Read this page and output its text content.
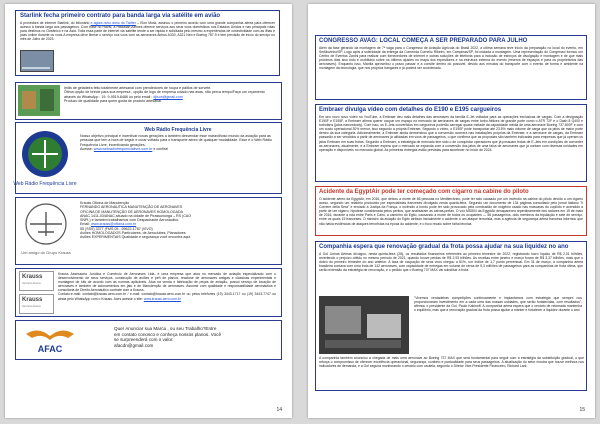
Starlink fecha primeiro contrato para banda larga via satélite em avião

A provedora de internet Starlink, do bilionário e agora novo dono do Twitter – Elon Musk, assinou o primeiro acordo com uma grande companhia aérea para oferecer acesso à banda larga aos passageiros. Com base no Havaí, a Hawaiian Airlines oferece serviços aos seus voos domésticos nos Estados Unidos e nas principais rotas para destinos no Oceânico e na Ásia. Toda essa parte de internet via satélite tende a ser rápida e solicitada pelo mesmo a experiências de conectividade com as ilhas e joias online durante os voos.A empresa deve liberar o serviço nos voos com as aeronaves Airbus A330, A321 Neo e Boeing 787-9 e tem previsão de início do serviço no mês de Julho de 2023.

Imãs de geladeira feito totalmente artesanal com prendedores de roupa e palitos de sorvete.

Ótima opção de brinde para sua empresa , opção de logo de empresa colado nas asas, não perca tempo!Faça um orçamento através do WhatsApp : 19- 9-9519-8486 ou pelo email : djlsun@gmail.com

Produzo de qualidade para quem gosta de produto artesanal.

Web Rádio Frequência Livre
Web Rádio Frequência Livre

Nosso objetivo principal é incentivar novas gerações a também desvendar esse maravilhoso mundo da aviação para as pessoas que tem a hora de seguir e curar voltado para o transporte aéreo de qualquer modalidade. Esse é o Web Rádio Frequência Livre, incentivando gerações.

Acesse: www.webradiofrequencialivre.com.br e confira!

Um amigo do Grupo Krauss

Krauss Oficina de Manutenção

FERNANDO AERONÁUTICA MANUTENÇÃO DE AERONAVES

OFICINA DE MANUTENÇÃO DE AERONAVES HOMOLOGADA

ANAC 1411-03/ANAC,situado na cidade de Pirassununga – RS (CAO

SNPL) e também trabalhamos com Despachante Aeronáutico.

Email: www.krauss@oficina.com.br

55 (SSS) 3377 (FMS 05 - 99622-1787 (VIVO)

Aviões HOMOLOGADOS Particulares, de Aeroclubes, Planadores

Aviões EXPERIMENTAIS Qualidade e segurança você encontra aqui.

Krauss
Serviços Aéreos
Krauss
Serviços Aéreos

Krauss Assessoria Jurídica e Comércio de Aeronaves Ltda. é uma empresa que atua no mercado de aviação especializado com o desenvolvimento de seus serviços, construção de aviões e peñ de planos, reaclose de aeronaves antigas e clássicas experimentais e montagem de kits de acordo com as normas aplicáveis. Atua na venda e fabricação de peças de aviação, possui serviço de locação de aeronaves e também de acionamentos em jato e de Manutenção de aeronaves. Assumir com qualidade e responsabilidade aeronáutica e consultoria de Direito Aeronáutico contrate com a Krauss.

Contato:e-mail: contato@krauss.aero.com.br / e-mail: contato@krauss.aero.com.br ou pelos telefones (19) 3443-1717 ou (19) 3443-7747 ou ainda pelo WhatsApp com o Krauss. Aces acesse o site: www.krauss.aero.com.br

AFAC

Quer Anunciar sua Marca , ou seu Trabalho?Entre

em contato conosco e conheça nossos planos. Você

se surpreenderá com o valor.

afacdn@gmail.com

14

CONGRESSO AVAG: LOCAL COMEÇA A SER PREPARADO PARA JULHO

Além da fase gerando da montagem de 7ª vaga para o Congresso de Aviação Agrícola do Brasil 2022, a última semana teve início da preparação no local do evento, em Sertãozinho/SP. Logo após a solenidade da entrega da Comenda Cornelio Ribeiro, em Campinas/SP, foi iniciada a montagem. Uma representação do Congresso formou um Centro de Eventos Zanini para realizar com fornecedores de internet e outras soluções de telefonia para a inclusão de esforços de divulgação e montagem e de que mais próximos dias isso tudo é mobiliário sobre os últimos ajustes no mapa dos expositores e na estrutura externa do evento (reserva de espaços é para os proprietários das aeronaves). Enquanto isso, Marília aproveitou o prazo passar e a convite dentro do possível, devido aos minutos do transporte com o evento de forma e ambiente na montagem da tecnologia, que nos próprios hangares e já poderá ser coordenado.

Embraer divulga vídeo com detalhes do E190 e E195 cargueiros

Em seu novo novo vídeo no YouTube, a Embraer deu mais detalhes das aeronaves da família E-Jet voltados para as operações exclusivas de cargas. Com a designação E190F e E195F, a Embraer afirma querer ocupar um espaço no mercado de aeronaves de cargas entre turbo-hélices de grande porte como o ATR 72F e o Dash 8 Q400 e turbofans (jatos narrowbody). Com isso, os E-Jets convertidos em cargueiros poderão carregar quase metade da capacidade média de uma aeronave Boeing 737-800F e com um custo operacional 30% menor, isso segundo a própria Embraer. Segundo o vídeo, o E190F pode transportar até 23.5% mais volume de carga que os jatos de maior porte dentro da sua categoria. Adicionalmente, a Embraer ainda demonstrou que a conversão ocorrerá nas instalações próprias da Embraer, e a aeronave de cargas, da Embraer passarão a ser vendidos a partir de aeronaves já utilizadas em voos de passageiros, o que confirma que as propostas são também indicadas para empresas que já operam os jatos Embraer em suas frotas. Segundo a Embraer, a estratégia de mercado tem sido o de conquistar operadores que já possuam frotas de E-Jets em condições de converter as aeronaves, atualmente, e a Embraer espera que o mercado se expanda com a conversão dos jatos de uma faixa de aeronaves que já contam com diversas unidades em operação e disponíveis no mercado global. As primeiras entregas estão previstas para acontecer no início de 2024.

Acidente da EgyptAir pode ter começado com cigarro na cabine do piloto

O acidente aéreo da EgyptAir, em 2016, que deixou a morte de 66 pessoas no Mediterrâneo, pode ter sido causado por um incêndio na cabine do piloto devido a um cigarro aceso, segundo um relatório produzido por especialistas franceses divulgado nesta quarta-feira. Segundo um documento de 134 páginas consultado pelo jornal italiano "Il Corriere della Sera" e enviado à Justiça da França, o incêndio a bordo pode ter sido provocado pela combustão de oxigênio usado nas máscaras do copiloto e acendido a partir de um cigarro, hipótese considerada pelos peritos, que analisaram as caixas-pretas. O voo MS804 da EgyptAir desapareceu repentinamente dos radares em 19 de maio de 2016, durante a rota entre Paris e Cairo, a caminho do Egito, causando a morte de todos os ocupantes — 56 passageiros, dois membros da tripulação e sete de serviço, entre os quais 15 franceses. O ministro da aviação do Egito atribuiu inicialmente o acidente a um ataque terrorista, mas a agência de segurança aérea francesa informou que não havia evidências de ataques terroristas na época do acidente, e o foco recaiu sobre falha técnica.

Companhia espera que renovação gradual da frota possa ajudar na sua liquidez no ano

A Gol Linhas Aéreas divulgou, nesta quinta-feira (28), os resultados financeiros referentes ao primeiro trimestre de 2022, registrando lucro líquido de R$ 2,01 bilhões, revertendo o prejuízo obtido no mesmo período de 2021, quando houve perdas de R$ 2,93 bilhões. As receitas entre janeiro e março foram de R$ 3,37 bilhões, mais que o dobro do primeiro trimestre do ano anterior. A taxa de ocupação de seus voos chegou a 81%, um índice de 1,7 ponto percentual. Em 31 de março, a companhia aérea brasileira contava com uma frota de 142 aeronaves, com capacidade de entregas em volume de cerca de 5,3 milhões de passageiros para as companhias de frota ótima, que serão extensão da estratégia de renovação, e o pedido que o Boeing 737 MAX vai substituir a frota.

"Vivemos verdadeiras competições continuamente e implantamos com estratégia que sempre nos proporcionaram investimento em a cada uma das nossas unidades, que serão fortalecidas, com resultados", afirmou o presidente da Gol, Paulo Kakinoff. A companhia aérea espera que o cenário de retomada mantenha o equilíbrio, mas que a renovação gradual da frota possa ajudar a manter e fortalecer a liquidez durante o ano.

A companhia também anunciou a chegada de mais uma aeronave ao Boeing 737 MAX que será fundamental para seguir com a estratégia da substituição gradual, o que reforça o compromisso de oferecer excelência operacional, segurança, conforto e pontualidade para seus passageiros. A atualização do setor mostra que houve melhora nos indicadores de demanda, e a Gol seguirá monitorando o cenário com cautela, segundo o Diretor Vice-Presidente Financeiro, Richard Lark.

15
